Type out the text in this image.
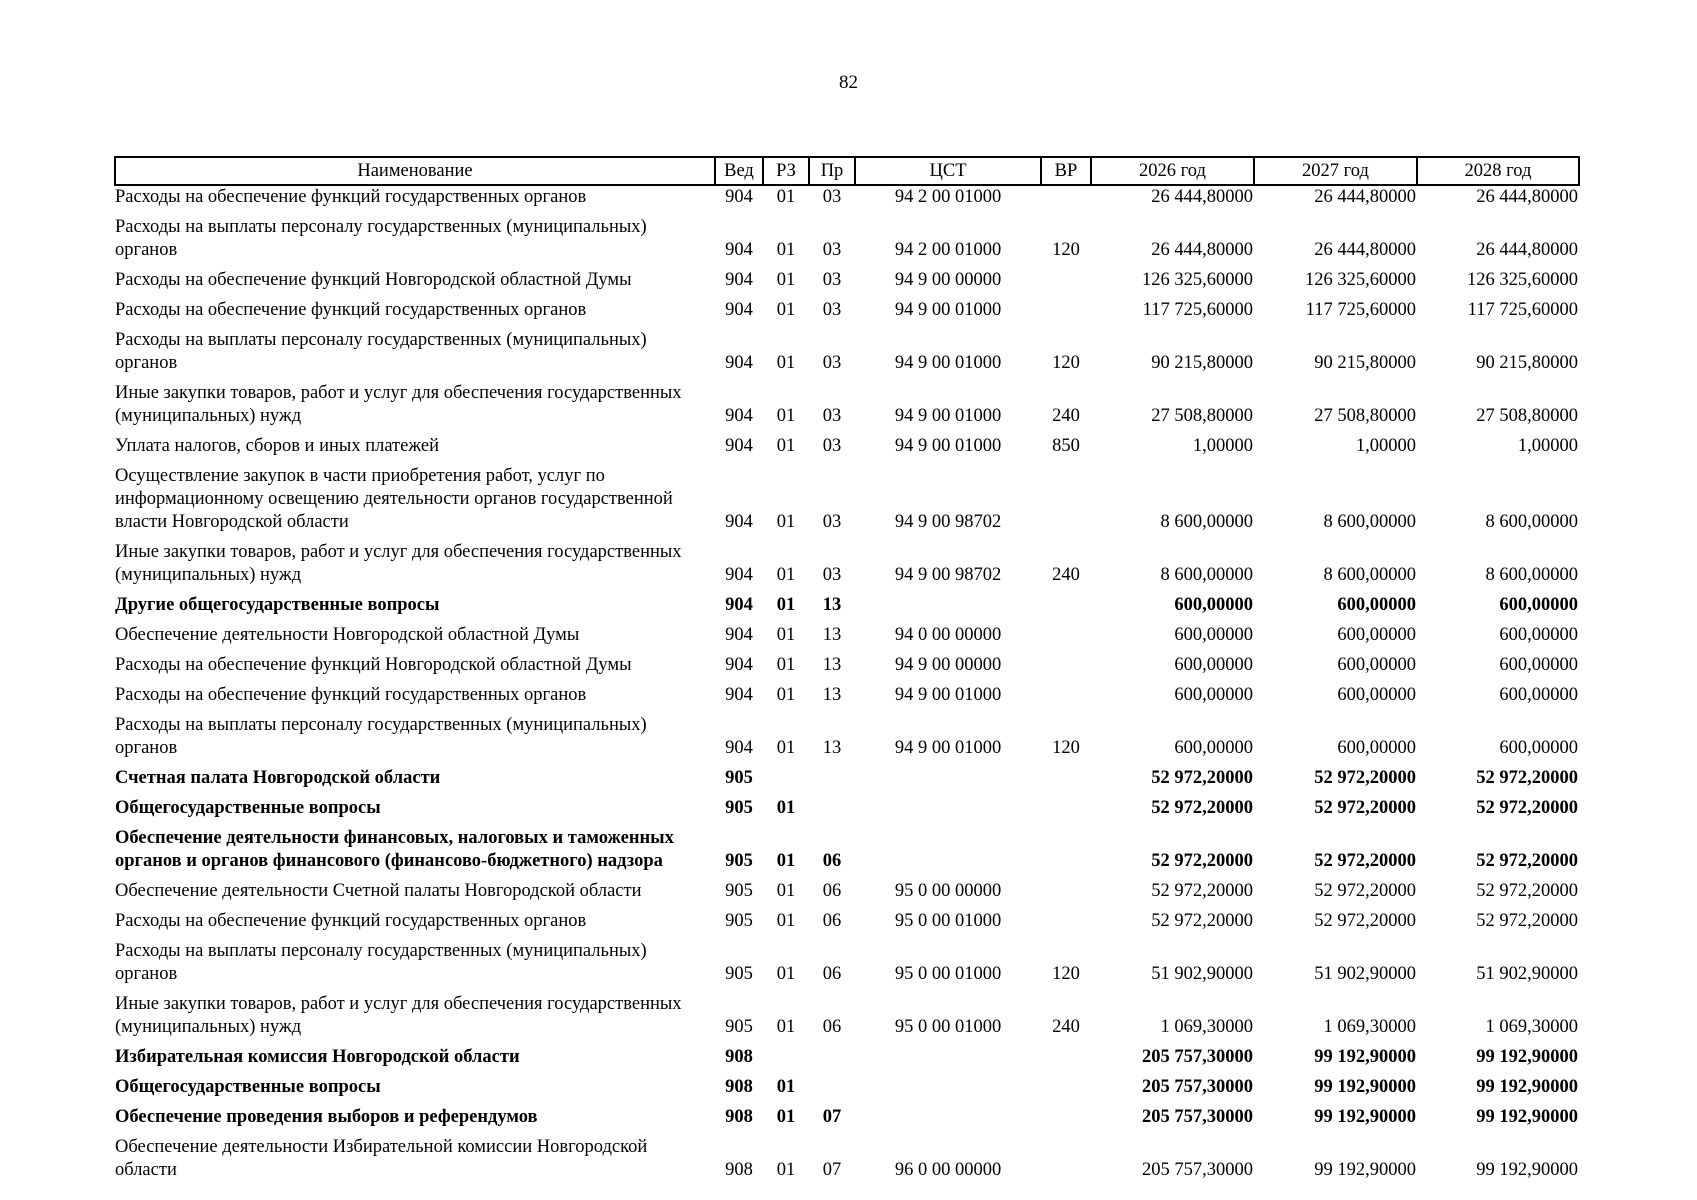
82
Наименование	Вед	РЗ	Пр	ЦСТ	ВР	2026 год	2027 год	2028 год
Расходы на обеспечение функций государственных органов	904	01	03	94 2 00 01000		26 444,80000	26 444,80000	26 444,80000
Расходы на выплаты персоналу государственных (муниципальных) органов	904	01	03	94 2 00 01000	120	26 444,80000	26 444,80000	26 444,80000
Расходы на обеспечение функций Новгородской областной Думы	904	01	03	94 9 00 00000		126 325,60000	126 325,60000	126 325,60000
Расходы на обеспечение функций государственных органов	904	01	03	94 9 00 01000		117 725,60000	117 725,60000	117 725,60000
Расходы на выплаты персоналу государственных (муниципальных) органов	904	01	03	94 9 00 01000	120	90 215,80000	90 215,80000	90 215,80000
Иные закупки товаров, работ и услуг для обеспечения государственных (муниципальных) нужд	904	01	03	94 9 00 01000	240	27 508,80000	27 508,80000	27 508,80000
Уплата налогов, сборов и иных платежей	904	01	03	94 9 00 01000	850	1,00000	1,00000	1,00000
Осуществление закупок в части приобретения работ, услуг по информационному освещению деятельности органов государственной власти Новгородской области	904	01	03	94 9 00 98702		8 600,00000	8 600,00000	8 600,00000
Иные закупки товаров, работ и услуг для обеспечения государственных (муниципальных) нужд	904	01	03	94 9 00 98702	240	8 600,00000	8 600,00000	8 600,00000
Другие общегосударственные вопросы	904	01	13			600,00000	600,00000	600,00000
Обеспечение деятельности Новгородской областной Думы	904	01	13	94 0 00 00000		600,00000	600,00000	600,00000
Расходы на обеспечение функций Новгородской областной Думы	904	01	13	94 9 00 00000		600,00000	600,00000	600,00000
Расходы на обеспечение функций государственных органов	904	01	13	94 9 00 01000		600,00000	600,00000	600,00000
Расходы на выплаты персоналу государственных (муниципальных) органов	904	01	13	94 9 00 01000	120	600,00000	600,00000	600,00000
Счетная палата Новгородской области	905					52 972,20000	52 972,20000	52 972,20000
Общегосударственные вопросы	905	01				52 972,20000	52 972,20000	52 972,20000
Обеспечение деятельности финансовых, налоговых и таможенных органов и органов финансового (финансово-бюджетного) надзора	905	01	06			52 972,20000	52 972,20000	52 972,20000
Обеспечение деятельности Счетной палаты Новгородской области	905	01	06	95 0 00 00000		52 972,20000	52 972,20000	52 972,20000
Расходы на обеспечение функций государственных органов	905	01	06	95 0 00 01000		52 972,20000	52 972,20000	52 972,20000
Расходы на выплаты персоналу государственных (муниципальных) органов	905	01	06	95 0 00 01000	120	51 902,90000	51 902,90000	51 902,90000
Иные закупки товаров, работ и услуг для обеспечения государственных (муниципальных) нужд	905	01	06	95 0 00 01000	240	1 069,30000	1 069,30000	1 069,30000
Избирательная комиссия Новгородской области	908					205 757,30000	99 192,90000	99 192,90000
Общегосударственные вопросы	908	01				205 757,30000	99 192,90000	99 192,90000
Обеспечение проведения выборов и референдумов	908	01	07			205 757,30000	99 192,90000	99 192,90000
Обеспечение деятельности Избирательной комиссии Новгородской области	908	01	07	96 0 00 00000		205 757,30000	99 192,90000	99 192,90000
